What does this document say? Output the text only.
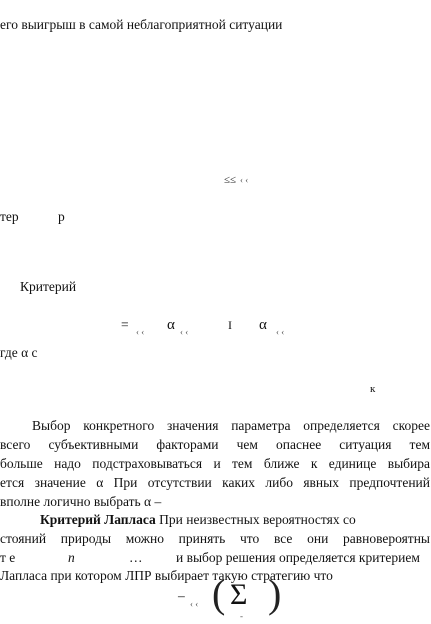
его выигрыш в самой неблагоприятной ситуации
≤≤ ‹ ‹
тер	р
Критерий
= ‹ ‹ α ‹ ‹	I α ‹ ‹
где α с
к
Выбор конкретного значения параметра определяется скорее
всего субъективными факторами чем опаснее ситуация тем
больше надо подстраховываться и тем ближе к единице выбира
ется значение α При отсутствии каких либо явных предпочтений
вполне логично выбрать α –
Критерий Лапласа При неизвестных вероятностях со
стояний природы можно принять что все они равновероятны
т е	n	… и выбор решения определяется критерием
Лапласа при котором ЛПР выбирает такую стратегию что
–
‹ ‹ ( Σ
- )
